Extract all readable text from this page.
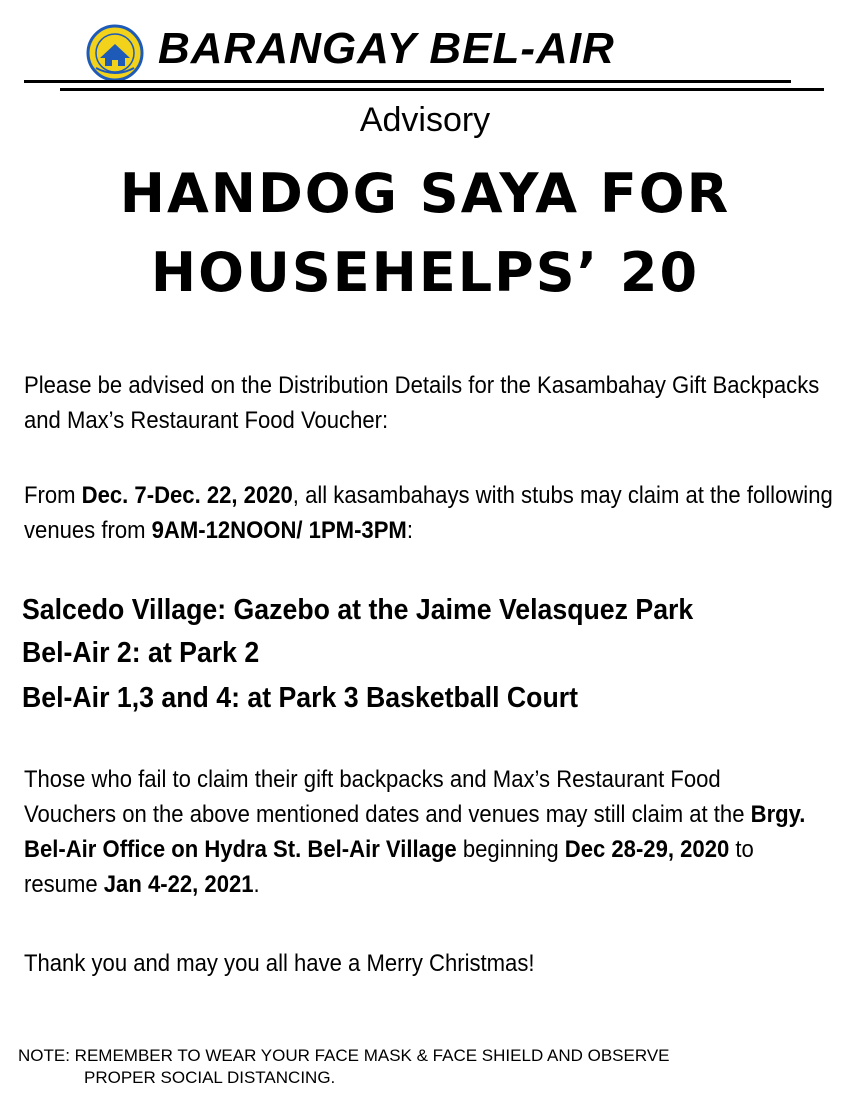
BARANGAY BEL-AIR
Advisory
HANDOG SAYA FOR
HOUSEHELPS’ 20
Please be advised on the Distribution Details for the Kasambahay Gift Backpacks and Max’s Restaurant Food Voucher:
From Dec. 7-Dec. 22, 2020, all kasambahays with stubs may claim at the following venues from 9AM-12NOON/ 1PM-3PM:
Salcedo Village: Gazebo at the Jaime Velasquez Park
Bel-Air 2: at Park 2
Bel-Air 1,3 and 4: at Park 3 Basketball Court
Those who fail to claim their gift backpacks and Max’s Restaurant Food Vouchers on the above mentioned dates and venues may still claim at the Brgy. Bel-Air Office on Hydra St. Bel-Air Village beginning Dec 28-29, 2020 to resume Jan 4-22, 2021.
Thank you and may you all have a Merry Christmas!
NOTE: REMEMBER TO WEAR YOUR FACE MASK & FACE SHIELD AND OBSERVE
PROPER SOCIAL DISTANCING.
